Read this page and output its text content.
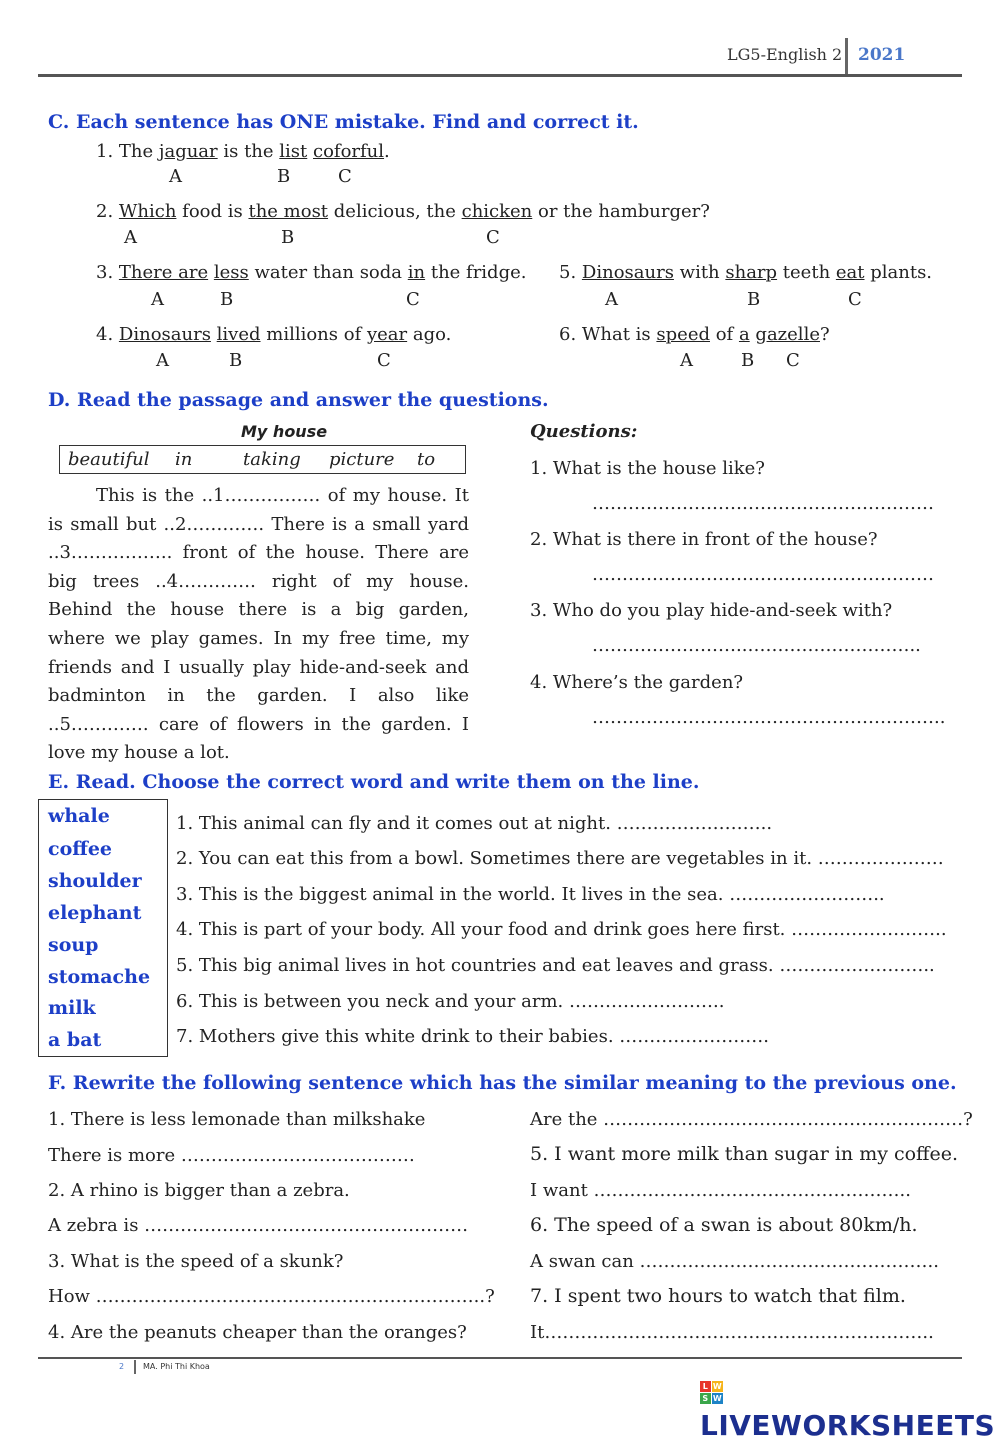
LG5-English 2 2021
C. Each sentence has ONE mistake. Find and correct it.
1. The jaguar is the list coforful.
A	B	C
2. Which food is the most delicious, the chicken or the hamburger?
A	B	C
3. There are less water than soda in the fridge.
A	B	C
4. Dinosaurs lived millions of year ago.
A	B	C
5. Dinosaurs with sharp teeth eat plants.
A	B	C
6. What is speed of a gazelle?
A	B C
D. Read the passage and answer the questions.
My house
beautiful in	taking picture to

This is the ..1……………. of my house. It is small but ..2…………. There is a small yard ..3…………….. front of the house. There are big trees ..4…………. right of my house. Behind the house there is a big garden, where we play games. In my free time, my friends and I usually play hide-and-seek and badminton in the garden. I also like ..5…………. care of flowers in the garden. I love my house a lot.

Questions:
1. What is the house like?
…………………………………………………
2. What is there in front of the house?
…………………………………………………
3. Who do you play hide-and-seek with?
……………………..………………………..
4. Where’s the garden?
…………………………………………………..
E. Read. Choose the correct word and write them on the line.
whale
coffee
shoulder
elephant
soup
stomache
milk
a bat
1. This animal can fly and it comes out at night. ……………………..
2. You can eat this from a bowl. Sometimes there are vegetables in it. …………………
3. This is the biggest animal in the world. It lives in the sea. ……………………..
4. This is part of your body. All your food and drink goes here first. ……………………..
5. This big animal lives in hot countries and eat leaves and grass. ……………………..
6. This is between you neck and your arm. ……………………..
7. Mothers give this white drink to their babies. …………………….
F. Rewrite the following sentence which has the similar meaning to the previous one.
1. There is less lemonade than milkshake
There is more …………………………………
2. A rhino is bigger than a zebra.
A zebra is ………………………………………………
3. What is the speed of a skunk?
How ………………………………………………………..?
4. Are the peanuts cheaper than the oranges?
Are the ……………………………………………………?
5. I want more milk than sugar in my coffee.
I want ……………………………………………..
6. The speed of a swan is about 80km/h.
A swan can …………………………………………..
7. I spent two hours to watch that film.
It………………………………………………………..
2 MA. Phi Thi Khoa
L W
S W
LIVEWORKSHEETS
